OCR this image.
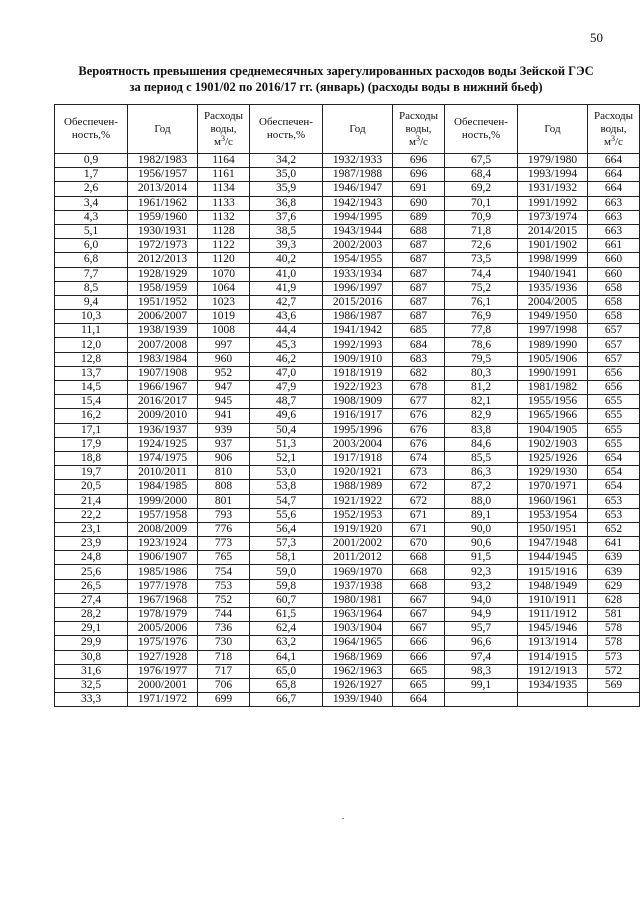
50
Вероятность превышения среднемесячных зарегулированных расходов воды Зейской ГЭС
за период с 1901/02 по 2016/17 гг. (январь) (расходы воды в нижний бьеф)
Обеспечен-
ность,%	Год	Расходы
воды,
$м^3/с$	Обеспечен-
ность,%	Год	Расходы
воды,
$м^3/с$	Обеспечен-
ность,%	Год	Расходы
воды,
$м^3/с$
0,9	1982/1983	1164	34,2	1932/1933	696	67,5	1979/1980	664
1,7	1956/1957	1161	35,0	1987/1988	696	68,4	1993/1994	664
2,6	2013/2014	1134	35,9	1946/1947	691	69,2	1931/1932	664
3,4	1961/1962	1133	36,8	1942/1943	690	70,1	1991/1992	663
4,3	1959/1960	1132	37,6	1994/1995	689	70,9	1973/1974	663
5,1	1930/1931	1128	38,5	1943/1944	688	71,8	2014/2015	663
6,0	1972/1973	1122	39,3	2002/2003	687	72,6	1901/1902	661
6,8	2012/2013	1120	40,2	1954/1955	687	73,5	1998/1999	660
7,7	1928/1929	1070	41,0	1933/1934	687	74,4	1940/1941	660
8,5	1958/1959	1064	41,9	1996/1997	687	75,2	1935/1936	658
9,4	1951/1952	1023	42,7	2015/2016	687	76,1	2004/2005	658
10,3	2006/2007	1019	43,6	1986/1987	687	76,9	1949/1950	658
11,1	1938/1939	1008	44,4	1941/1942	685	77,8	1997/1998	657
12,0	2007/2008	997	45,3	1992/1993	684	78,6	1989/1990	657
12,8	1983/1984	960	46,2	1909/1910	683	79,5	1905/1906	657
13,7	1907/1908	952	47,0	1918/1919	682	80,3	1990/1991	656
14,5	1966/1967	947	47,9	1922/1923	678	81,2	1981/1982	656
15,4	2016/2017	945	48,7	1908/1909	677	82,1	1955/1956	655
16,2	2009/2010	941	49,6	1916/1917	676	82,9	1965/1966	655
17,1	1936/1937	939	50,4	1995/1996	676	83,8	1904/1905	655
17,9	1924/1925	937	51,3	2003/2004	676	84,6	1902/1903	655
18,8	1974/1975	906	52,1	1917/1918	674	85,5	1925/1926	654
19,7	2010/2011	810	53,0	1920/1921	673	86,3	1929/1930	654
20,5	1984/1985	808	53,8	1988/1989	672	87,2	1970/1971	654
21,4	1999/2000	801	54,7	1921/1922	672	88,0	1960/1961	653
22,2	1957/1958	793	55,6	1952/1953	671	89,1	1953/1954	653
23,1	2008/2009	776	56,4	1919/1920	671	90,0	1950/1951	652
23,9	1923/1924	773	57,3	2001/2002	670	90,6	1947/1948	641
24,8	1906/1907	765	58,1	2011/2012	668	91,5	1944/1945	639
25,6	1985/1986	754	59,0	1969/1970	668	92,3	1915/1916	639
26,5	1977/1978	753	59,8	1937/1938	668	93,2	1948/1949	629
27,4	1967/1968	752	60,7	1980/1981	667	94,0	1910/1911	628
28,2	1978/1979	744	61,5	1963/1964	667	94,9	1911/1912	581
29,1	2005/2006	736	62,4	1903/1904	667	95,7	1945/1946	578
29,9	1975/1976	730	63,2	1964/1965	666	96,6	1913/1914	578
30,8	1927/1928	718	64,1	1968/1969	666	97,4	1914/1915	573
31,6	1976/1977	717	65,0	1962/1963	665	98,3	1912/1913	572
32,5	2000/2001	706	65,8	1926/1927	665	99,1	1934/1935	569
33,3	1971/1972	699	66,7	1939/1940	664			
